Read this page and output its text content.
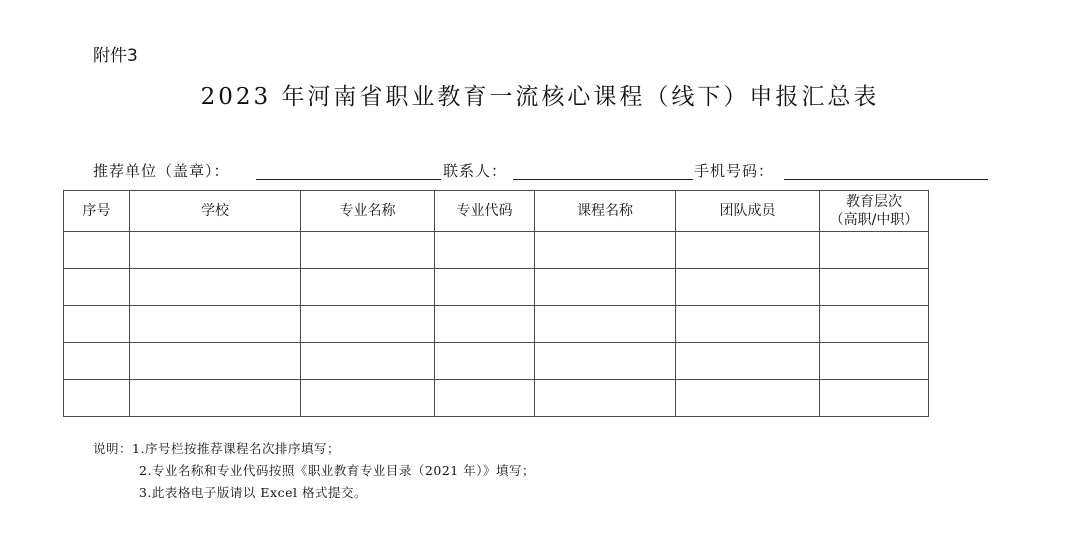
附件3
2023 年河南省职业教育一流核心课程（线下）申报汇总表
推荐单位（盖章）：	联系人：	手机号码：
序号	学校	专业名称	专业代码	课程名称	团队成员	教育层次
（高职/中职）

说明：1.序号栏按推荐课程名次排序填写；
2.专业名称和专业代码按照《职业教育专业目录（2021 年）》填写；
3.此表格电子版请以 Excel 格式提交。
